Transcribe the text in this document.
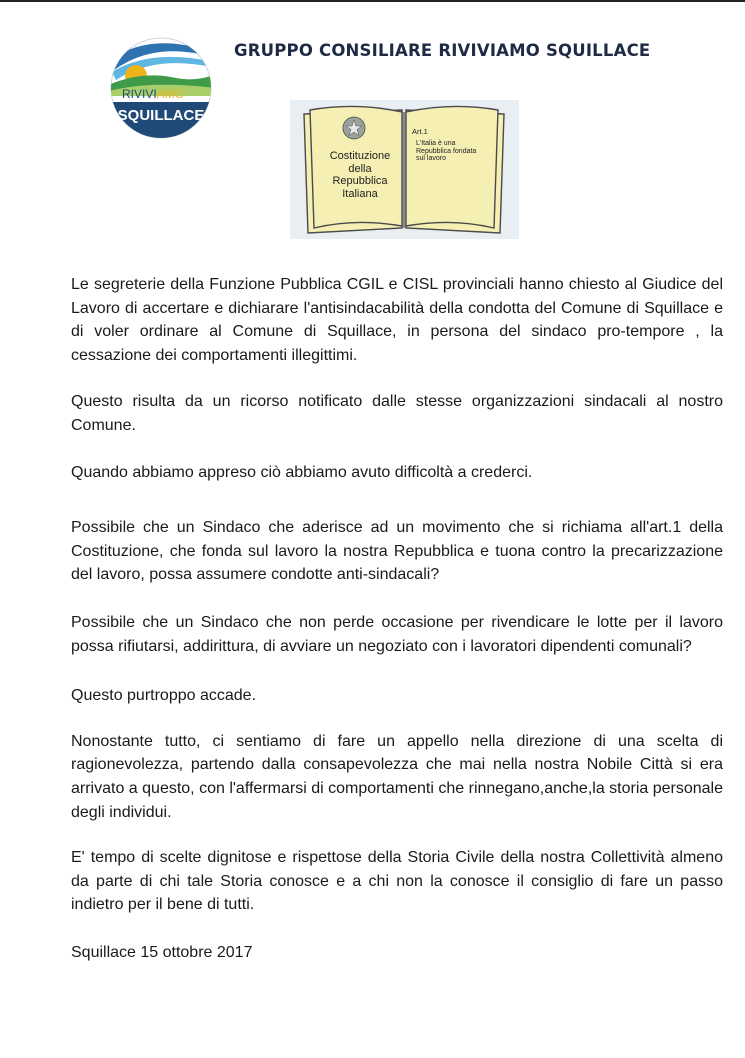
RIVIVIAMO
SQUILLACE
GRUPPO CONSILIARE RIVIVIAMO SQUILLACE
Costituzione della Repubblica Italiana
Art.1
L'Italia è una Repubblica fondata sul lavoro

Le segreterie della Funzione Pubblica CGIL e CISL provinciali hanno chiesto al Giudice del Lavoro di accertare e dichiarare l'antisindacabilità della condotta del Comune di Squillace e di voler ordinare al Comune di Squillace, in persona del sindaco pro-tempore , la cessazione dei comportamenti illegittimi.

Questo risulta da un ricorso notificato dalle stesse organizzazioni sindacali al nostro Comune.

Quando abbiamo appreso ciò abbiamo avuto difficoltà a crederci.

Possibile che un Sindaco che aderisce ad un movimento che si richiama all'art.1 della Costituzione, che fonda sul lavoro la nostra Repubblica e tuona contro la precarizzazione del lavoro, possa assumere condotte anti-sindacali?

Possibile che un Sindaco che non perde occasione per rivendicare le lotte per il lavoro possa rifiutarsi, addirittura, di avviare un negoziato con i lavoratori dipendenti comunali?

Questo purtroppo accade.

Nonostante tutto, ci sentiamo di fare un appello nella direzione di una scelta di ragionevolezza, partendo dalla consapevolezza che mai nella nostra Nobile Città si era arrivato a questo, con l'affermarsi di comportamenti che rinnegano,anche,la storia personale degli individui.

E' tempo di scelte dignitose e rispettose della Storia Civile della nostra Collettività almeno da parte di chi tale Storia conosce e a chi non la conosce il consiglio di fare un passo indietro per il bene di tutti.

Squillace 15 ottobre 2017
